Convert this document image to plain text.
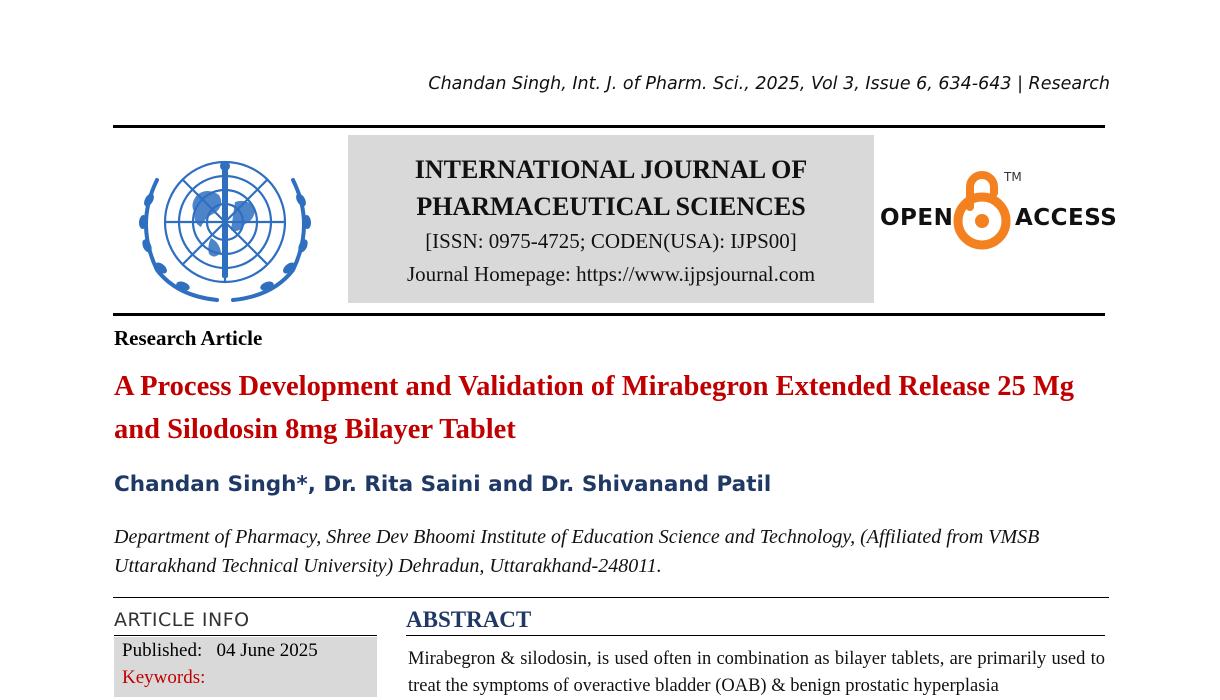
Chandan Singh, Int. J. of Pharm. Sci., 2025, Vol 3, Issue 6, 634-643 | Research
INTERNATIONAL JOURNAL OF
PHARMACEUTICAL SCIENCES
[ISSN: 0975-4725; CODEN(USA): IJPS00]
Journal Homepage: https://www.ijpsjournal.com
OPEN
TM
ACCESS
Research Article
A Process Development and Validation of Mirabegron Extended Release 25 Mg and Silodosin 8mg Bilayer Tablet
Chandan Singh*, Dr. Rita Saini and Dr. Shivanand Patil
Department of Pharmacy, Shree Dev Bhoomi Institute of Education Science and Technology, (Affiliated from VMSB Uttarakhand Technical University) Dehradun, Uttarakhand-248011.
ARTICLE INFO
Published: 04 June 2025
Keywords:
ABSTRACT
Mirabegron & silodosin, is used often in combination as bilayer tablets, are primarily used to treat the symptoms of overactive bladder (OAB) & benign prostatic hyperplasia
